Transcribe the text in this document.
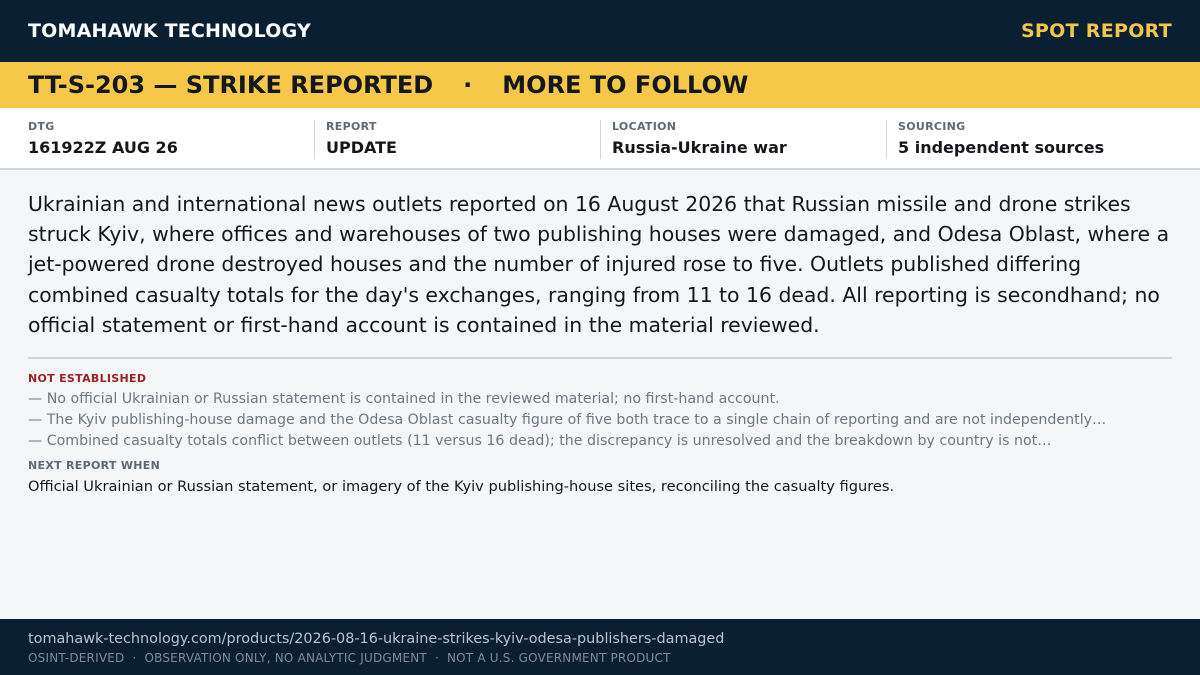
TOMAHAWK TECHNOLOGY	SPOT REPORT
TT-S-203 — STRIKE REPORTED · MORE TO FOLLOW
DTG
161922Z AUG 26
REPORT
UPDATE
LOCATION
Russia-Ukraine war
SOURCING
5 independent sources

Ukrainian and international news outlets reported on 16 August 2026 that Russian missile and drone strikes struck Kyiv, where offices and warehouses of two publishing houses were damaged, and Odesa Oblast, where a jet-powered drone destroyed houses and the number of injured rose to five. Outlets published differing combined casualty totals for the day's exchanges, ranging from 11 to 16 dead. All reporting is secondhand; no official statement or first-hand account is contained in the material reviewed.

NOT ESTABLISHED
— No official Ukrainian or Russian statement is contained in the reviewed material; no first-hand account.
— The Kyiv publishing-house damage and the Odesa Oblast casualty figure of five both trace to a single chain of reporting and are not independently…
— Combined casualty totals conflict between outlets (11 versus 16 dead); the discrepancy is unresolved and the breakdown by country is not…
NEXT REPORT WHEN
Official Ukrainian or Russian statement, or imagery of the Kyiv publishing-house sites, reconciling the casualty figures.
tomahawk-technology.com/products/2026-08-16-ukraine-strikes-kyiv-odesa-publishers-damaged
OSINT-DERIVED · OBSERVATION ONLY, NO ANALYTIC JUDGMENT · NOT A U.S. GOVERNMENT PRODUCT
